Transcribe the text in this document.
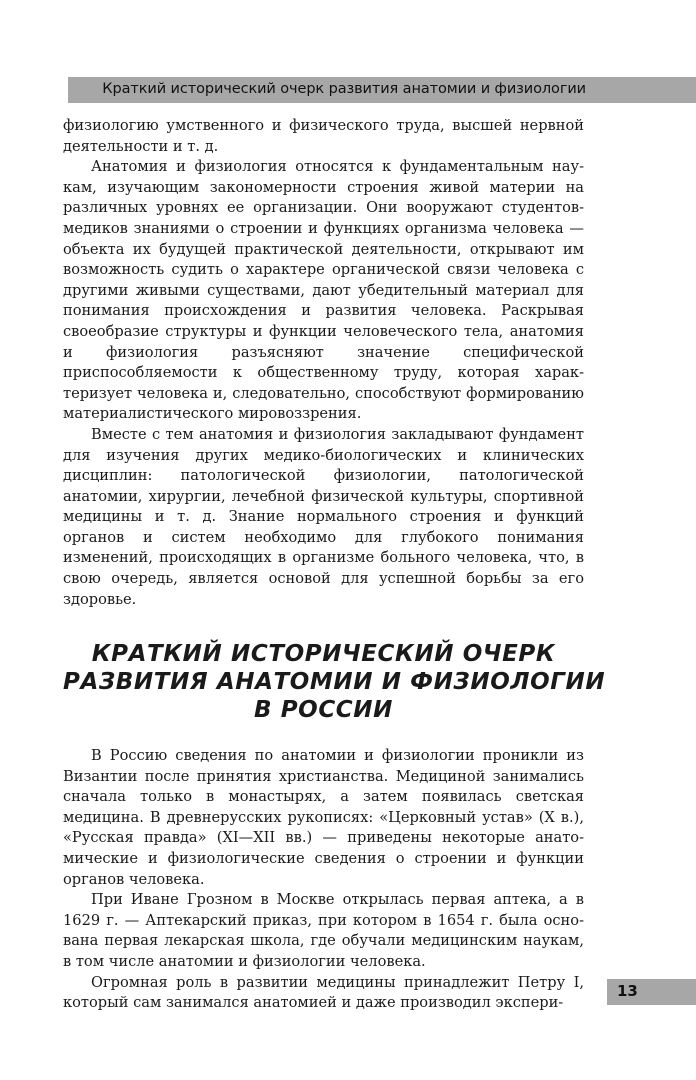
Краткий исторический очерк развития анатомии и физиологии

физиологию умственного и физического труда, высшей нервной деятельности и т. д.

Анатомия и физиология относятся к фундаментальным наукам, изучающим закономерности строения живой материи на различных уровнях ее организации. Они вооружают студентов-медиков знаниями о строении и функциях организма человека — объекта их будущей практической деятельности, открывают им возможность судить о характере органической связи человека с другими живыми существами, дают убедительный материал для понимания происхождения и развития человека. Раскрывая своеобразие структуры и функции человеческого тела, анатомия и физиология разъясняют значение специфической приспособляемости к общественному труду, которая характеризует человека и, следовательно, способствуют формированию материалистического мировоззрения.

Вместе с тем анатомия и физиология закладывают фундамент для изучения других медико-биологических и клинических дисциплин: патологической физиологии, патологической анатомии, хирургии, лечебной физической культуры, спортивной медицины и т. д. Знание нормального строения и функций органов и систем необходимо для глубокого понимания изменений, происходящих в организме больного человека, что, в свою очередь, является основой для успешной борьбы за его здоровье.

КРАТКИЙ ИСТОРИЧЕСКИЙ ОЧЕРК
РАЗВИТИЯ АНАТОМИИ И ФИЗИОЛОГИИ
В РОССИИ

В Россию сведения по анатомии и физиологии проникли из Византии после принятия христианства. Медициной занимались сначала только в монастырях, а затем появилась светская медицина. В древнерусских рукописях: «Церковный устав» (X в.), «Русская правда» (XI—XII вв.) — приведены некоторые анатомические и физиологические сведения о строении и функции органов человека.

При Иване Грозном в Москве открылась первая аптека, а в 1629 г. — Аптекарский приказ, при котором в 1654 г. была основана первая лекарская школа, где обучали медицинским наукам, в том числе анатомии и физиологии человека.

Огромная роль в развитии медицины принадлежит Петру I, который сам занимался анатомией и даже производил экспери-

13
